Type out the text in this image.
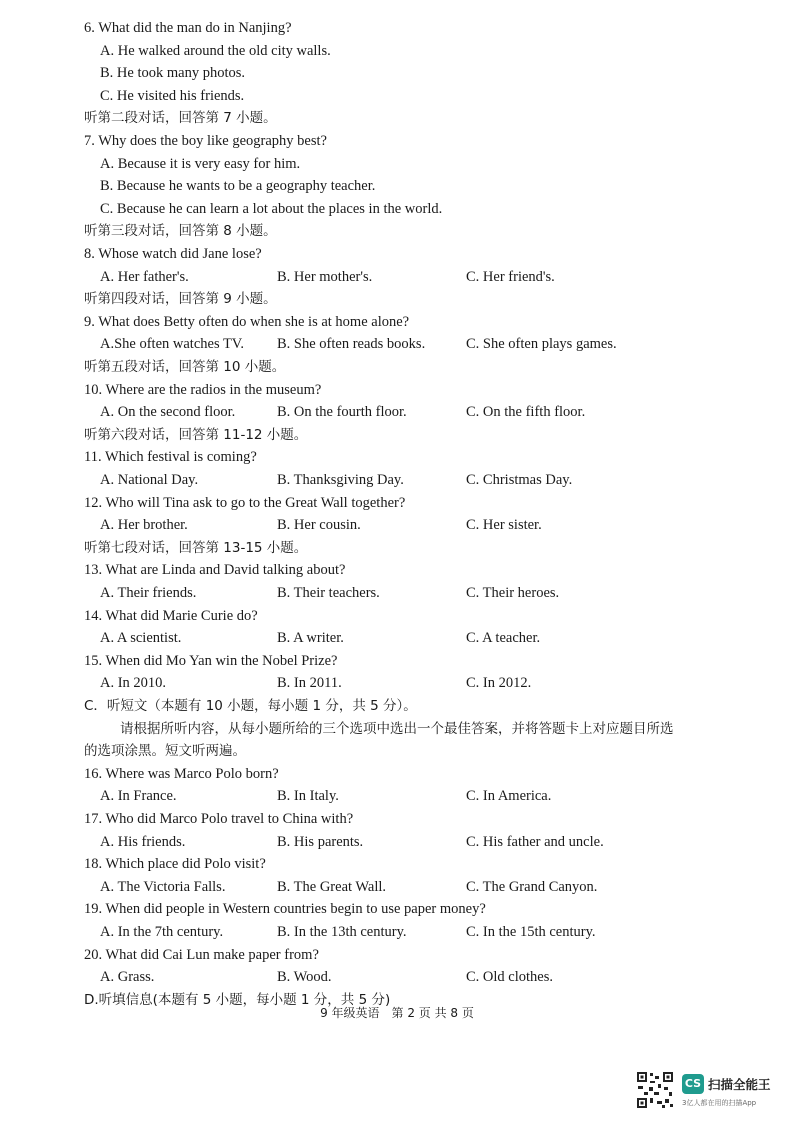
6. What did the man do in Nanjing?
A. He walked around the old city walls.
B. He took many photos.
C. He visited his friends.
听第二段对话，回答第 7 小题。
7. Why does the boy like geography best?
A. Because it is very easy for him.
B. Because he wants to be a geography teacher.
C. Because he can learn a lot about the places in the world.
听第三段对话，回答第 8 小题。
8. Whose watch did Jane lose?
A. Her father's.	B. Her mother's.	C. Her friend's.
听第四段对话，回答第 9 小题。
9. What does Betty often do when she is at home alone?
A.She often watches TV. B. She often reads books.	C. She often plays games.
听第五段对话，回答第 10 小题。
10. Where are the radios in the museum?
A. On the second floor.	B. On the fourth floor.	C. On the fifth floor.
听第六段对话，回答第 11-12 小题。
11. Which festival is coming?
A. National Day.	B. Thanksgiving Day.	C. Christmas Day.
12. Who will Tina ask to go to the Great Wall together?
A. Her brother.	B. Her cousin.	C. Her sister.
听第七段对话，回答第 13-15 小题。
13. What are Linda and David talking about?
A. Their friends.	B. Their teachers.	C. Their heroes.
14. What did Marie Curie do?
A. A scientist.	B. A writer.	C. A teacher.
15. When did Mo Yan win the Nobel Prize?
A. In 2010.	B. In 2011.	C. In 2012.
C．听短文（本题有 10 小题，每小题 1 分，共 5 分）。
请根据所听内容，从每小题所给的三个选项中选出一个最佳答案，并将答题卡上对应题目所选
的选项涂黑。短文听两遍。
16. Where was Marco Polo born?
A. In France.	B. In Italy.	C. In America.
17. Who did Marco Polo travel to China with?
A. His friends.	B. His parents.	C. His father and uncle.
18. Which place did Polo visit?
A. The Victoria Falls.	B. The Great Wall.	C. The Grand Canyon.
19. When did people in Western countries begin to use paper money?
A. In the 7th century.	B. In the 13th century.	C. In the 15th century.
20. What did Cai Lun make paper from?
A. Grass.	B. Wood.	C. Old clothes.
D.听填信息(本题有 5 小题，每小题 1 分，共 5 分)
9 年级英语　第 2 页 共 8 页
CS 扫描全能王
3亿人都在用的扫描App
